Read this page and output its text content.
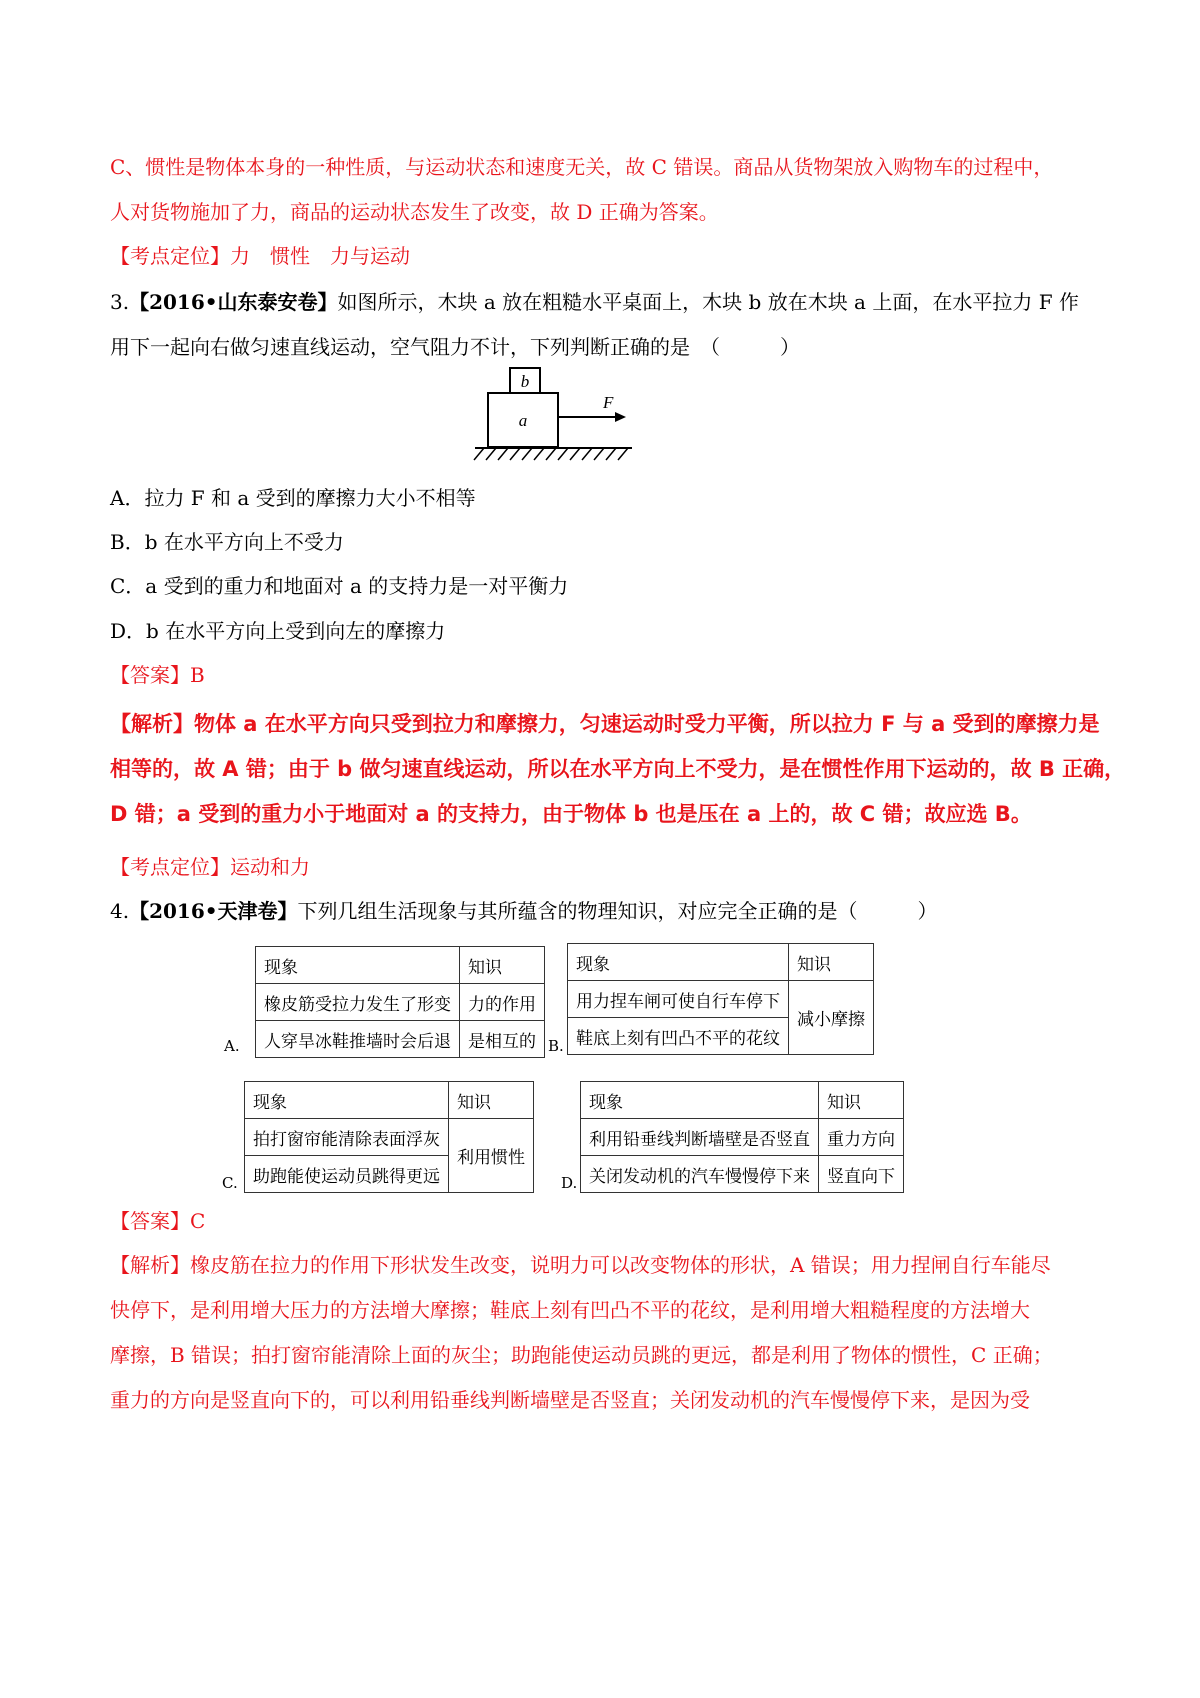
C、惯性是物体本身的一种性质，与运动状态和速度无关，故 C 错误。商品从货物架放入购物车的过程中，
人对货物施加了力，商品的运动状态发生了改变，故 D 正确为答案。
【考点定位】力　惯性　力与运动
3.【2016•山东泰安卷】如图所示，木块 a 放在粗糙水平桌面上，木块 b 放在木块 a 上面，在水平拉力 F 作
用下一起向右做匀速直线运动，空气阻力不计，下列判断正确的是　（　　　）
b
a
F
A．拉力 F 和 a 受到的摩擦力大小不相等
B．b 在水平方向上不受力
C．a 受到的重力和地面对 a 的支持力是一对平衡力
D．b 在水平方向上受到向左的摩擦力
【答案】B
【解析】物体 a 在水平方向只受到拉力和摩擦力，匀速运动时受力平衡，所以拉力 F 与 a 受到的摩擦力是
相等的，故 A 错；由于 b 做匀速直线运动，所以在水平方向上不受力，是在惯性作用下运动的，故 B 正确，
D 错；a 受到的重力小于地面对 a 的支持力，由于物体 b 也是压在 a 上的，故 C 错；故应选 B。
【考点定位】运动和力
4.【2016•天津卷】下列几组生活现象与其所蕴含的物理知识，对应完全正确的是（　　　）
A.
现象	知识
橡皮筋受拉力发生了形变	力的作用
人穿旱冰鞋推墙时会后退	是相互的 B.
现象	知识
用力捏车闸可使自行车停下	减小摩擦
鞋底上刻有凹凸不平的花纹	
C.
现象	知识
拍打窗帘能清除表面浮灰	利用惯性
助跑能使运动员跳得更远		D.
现象	知识
利用铅垂线判断墙壁是否竖直	重力方向
关闭发动机的汽车慢慢停下来	竖直向下
【答案】C
【解析】橡皮筋在拉力的作用下形状发生改变，说明力可以改变物体的形状，A 错误；用力捏闸自行车能尽
快停下，是利用增大压力的方法增大摩擦；鞋底上刻有凹凸不平的花纹，是利用增大粗糙程度的方法增大
摩擦，B 错误；拍打窗帘能清除上面的灰尘；助跑能使运动员跳的更远，都是利用了物体的惯性，C 正确；
重力的方向是竖直向下的，可以利用铅垂线判断墙壁是否竖直；关闭发动机的汽车慢慢停下来，是因为受
